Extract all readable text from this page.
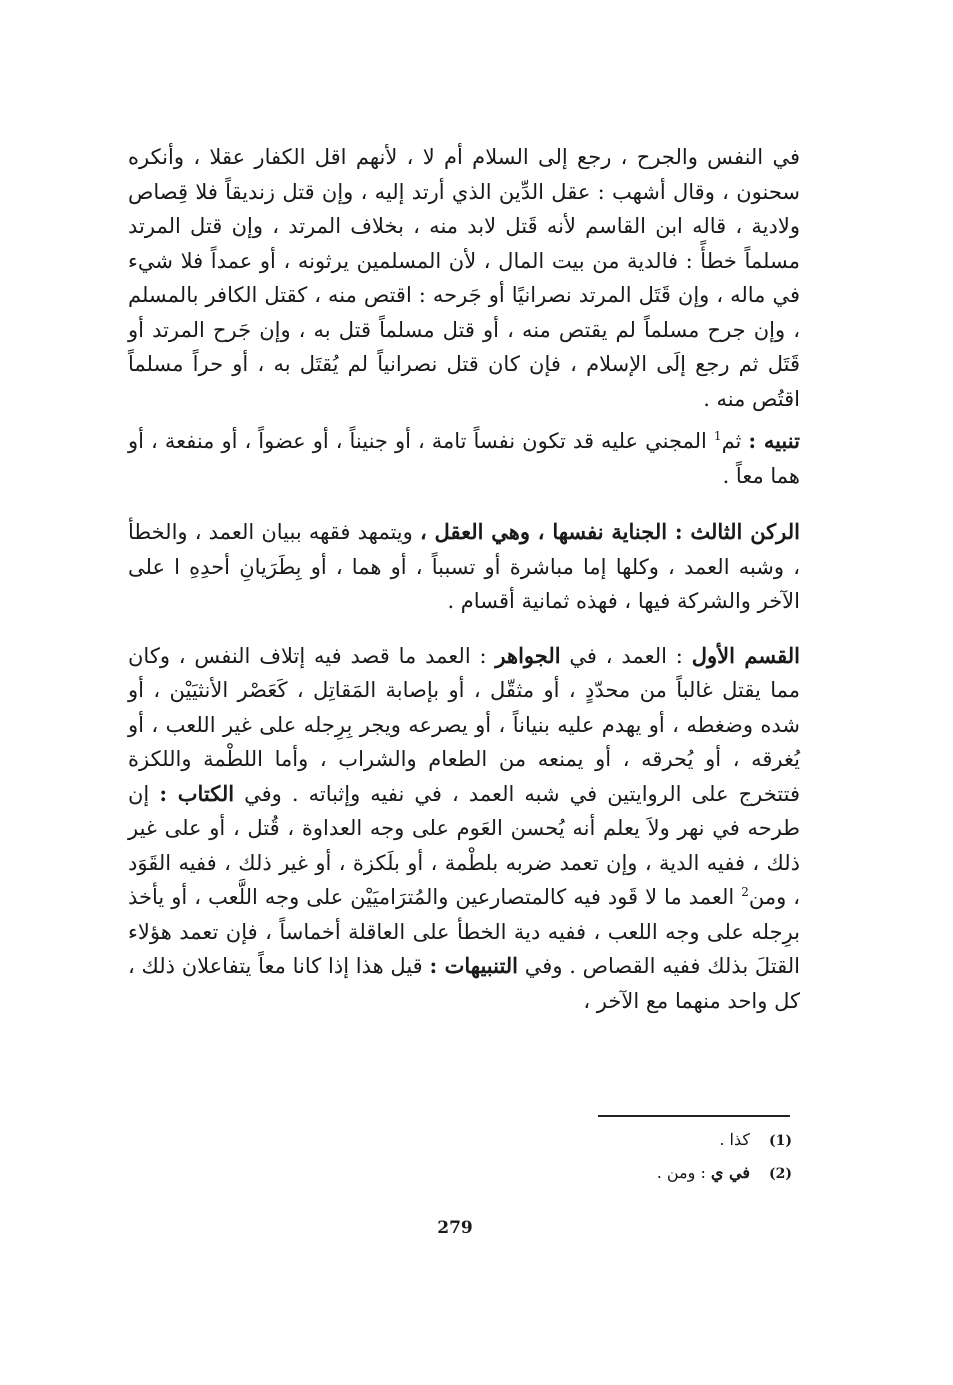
في النفس والجرح ، رجع إلى السلام أم لا ، لأنهم اقل الكفار عقلا ، وأنكره سحنون ، وقال أشهب : عقل الدِّين الذي أرتد إليه ، وإن قتل زنديقاً فلا قِصاص ولادية ، قاله ابن القاسم لأنه قَتل لابد منه ، بخلاف المرتد ، وإن قتل المرتد مسلماً خطأً : فالدية من بيت المال ، لأن المسلمين يرثونه ، أو عمداً فلا شيء في ماله ، وإن قَتَل المرتد نصرانيًا أو جَرحه : اقتص منه ، كقتل الكافر بالمسلم ، وإن جرح مسلماً لم يقتص منه ، أو قتل مسلماً قتل به ، وإن جَرح المرتد أو قَتَل ثم رجع إلَى الإسلام ، فإن كان قتل نصرانياً لم يُقتَل به ، أو حراً مسلماً اقتُص منه .

تنبيه : ثم$^1$ المجني عليه قد تكون نفساً تامة ، أو جنيناً ، أو عضواً ، أو منفعة ، أو هما معاً .

الركن الثالث : الجناية نفسها ، وهي العقل ، ويتمهد فقهه ببيان العمد ، والخطأ ، وشبه العمد ، وكلها إما مباشرة أو تسبباً ، أو هما ، أو بِطَرَيانِ أحدِهِ ا على الآخر والشركة فيها ، فهذه ثمانية أقسام .

القسم الأول : العمد ، في الجواهر : العمد ما قصد فيه إتلاف النفس ، وكان مما يقتل غالباً من محدّدٍ ، أو مثقّل ، أو بإصابة المَقاتِل ، كَعَصْر الأنثيَيْن ، أو شده وضغطه ، أو يهدم عليه بنياناً ، أو يصرعه ويجر بِرِجله على غير اللعب ، أو يُغرقه ، أو يُحرقه ، أو يمنعه من الطعام والشراب ، وأما اللطْمة واللكزة فتتخرج على الروايتين في شبه العمد ، في نفيه وإثباته . وفي الكتاب : إن طرحه في نهر ولاَ يعلم أنه يُحسن العَوم على وجه العداوة ، قُتل ، أو على غير ذلك ، ففيه الدية ، وإن تعمد ضربه بلطْمة ، أو بلَكزة ، أو غير ذلك ، ففيه القَوَد ، ومن$^2$ العمد ما لا قَود فيه كالمتصارعين والمُترَاميَيْن على وجه اللَّعب ، أو يأخذ برِجله على وجه اللعب ، ففيه دية الخطأ على العاقلة أخماساً ، فإن تعمد هؤلاء القتلَ بذلك ففيه القصاص . وفي التنبيهات : قيل هذا إذا كانا معاً يتفاعلان ذلك ، كل واحد منهما مع الآخر ،

(1)
كذا .
(2)
في ي : ومن .
279
